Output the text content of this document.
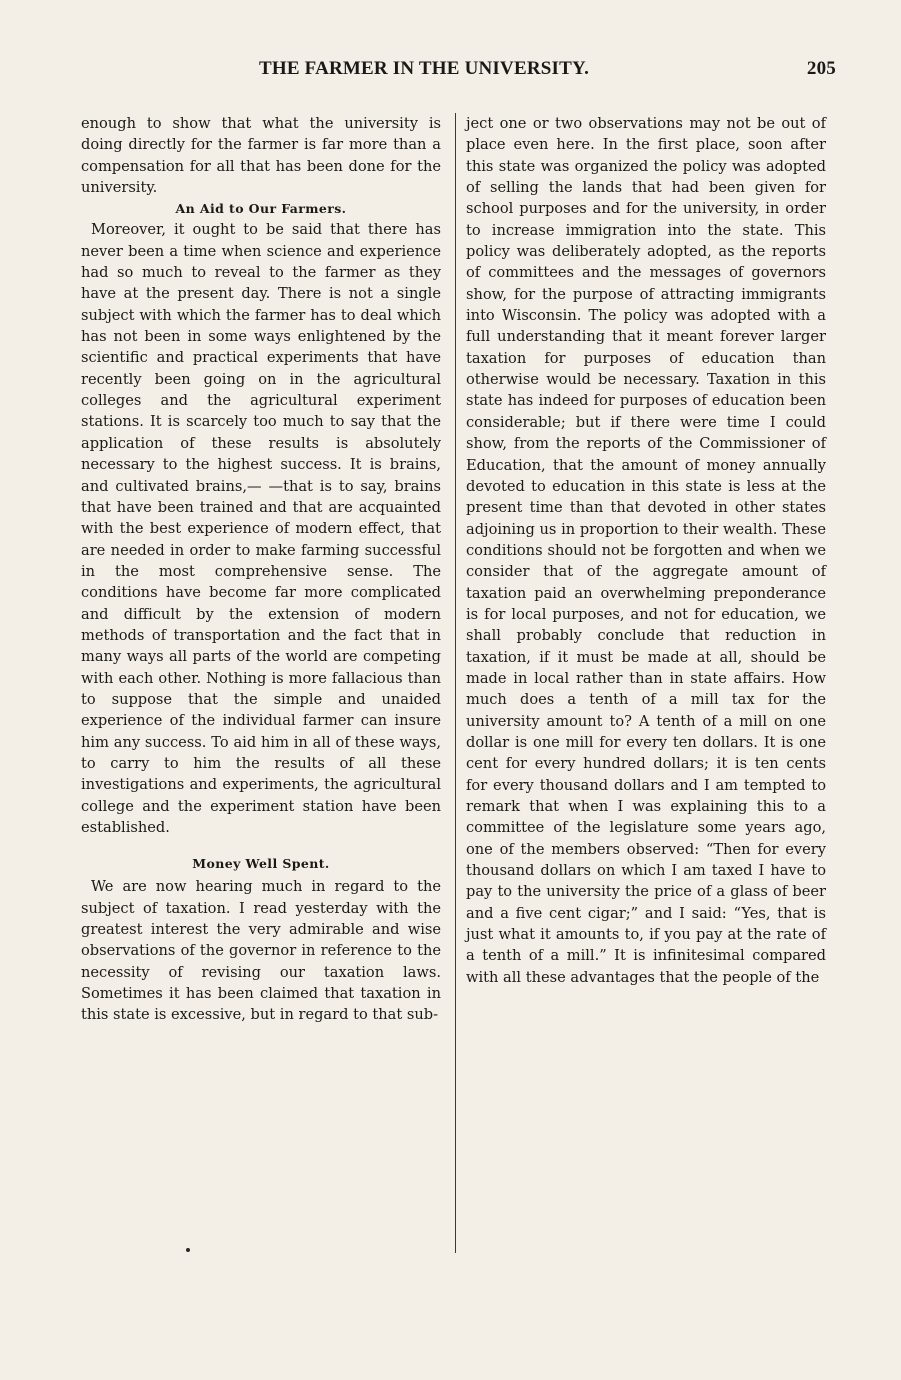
THE FARMER IN THE UNIVERSITY.	205

enough to show that what the university is doing directly for the farmer is far more than a compensation for all that has been done for the university.

An Aid to Our Farmers.

Moreover, it ought to be said that there has never been a time when science and experience had so much to reveal to the farmer as they have at the present day. There is not a single subject with which the farmer has to deal which has not been in some ways enlightened by the scientific and practical experiments that have recently been going on in the agricultural colleges and the agricultural experiment stations. It is scarcely too much to say that the application of these results is absolutely necessary to the highest success. It is brains, and cultivated brains,— —that is to say, brains that have been trained and that are acquainted with the best experience of modern effect, that are needed in order to make farming successful in the most comprehensive sense. The conditions have become far more complicated and difficult by the extension of modern methods of transportation and the fact that in many ways all parts of the world are competing with each other. Nothing is more fallacious than to suppose that the simple and unaided experience of the individual farmer can insure him any success. To aid him in all of these ways, to carry to him the results of all these investigations and experiments, the agricultural college and the experiment station have been established.

Money Well Spent.

We are now hearing much in regard to the subject of taxation. I read yesterday with the greatest interest the very admirable and wise observations of the governor in reference to the necessity of revising our taxation laws. Sometimes it has been claimed that taxation in this state is excessive, but in regard to that sub-

ject one or two observations may not be out of place even here. In the first place, soon after this state was organized the policy was adopted of selling the lands that had been given for school purposes and for the university, in order to increase immigration into the state. This policy was deliberately adopted, as the reports of committees and the messages of governors show, for the purpose of attracting immigrants into Wisconsin. The policy was adopted with a full understanding that it meant forever larger taxation for purposes of education than otherwise would be necessary. Taxation in this state has indeed for purposes of education been considerable; but if there were time I could show, from the reports of the Commissioner of Education, that the amount of money annually devoted to education in this state is less at the present time than that devoted in other states adjoining us in proportion to their wealth. These conditions should not be forgotten and when we consider that of the aggregate amount of taxation paid an overwhelming preponderance is for local purposes, and not for education, we shall probably conclude that reduction in taxation, if it must be made at all, should be made in local rather than in state affairs. How much does a tenth of a mill tax for the university amount to? A tenth of a mill on one dollar is one mill for every ten dollars. It is one cent for every hundred dollars; it is ten cents for every thousand dollars and I am tempted to remark that when I was explaining this to a committee of the legislature some years ago, one of the members observed: “Then for every thousand dollars on which I am taxed I have to pay to the university the price of a glass of beer and a five cent cigar;” and I said: “Yes, that is just what it amounts to, if you pay at the rate of a tenth of a mill.” It is infinitesimal compared with all these advantages that the people of the
